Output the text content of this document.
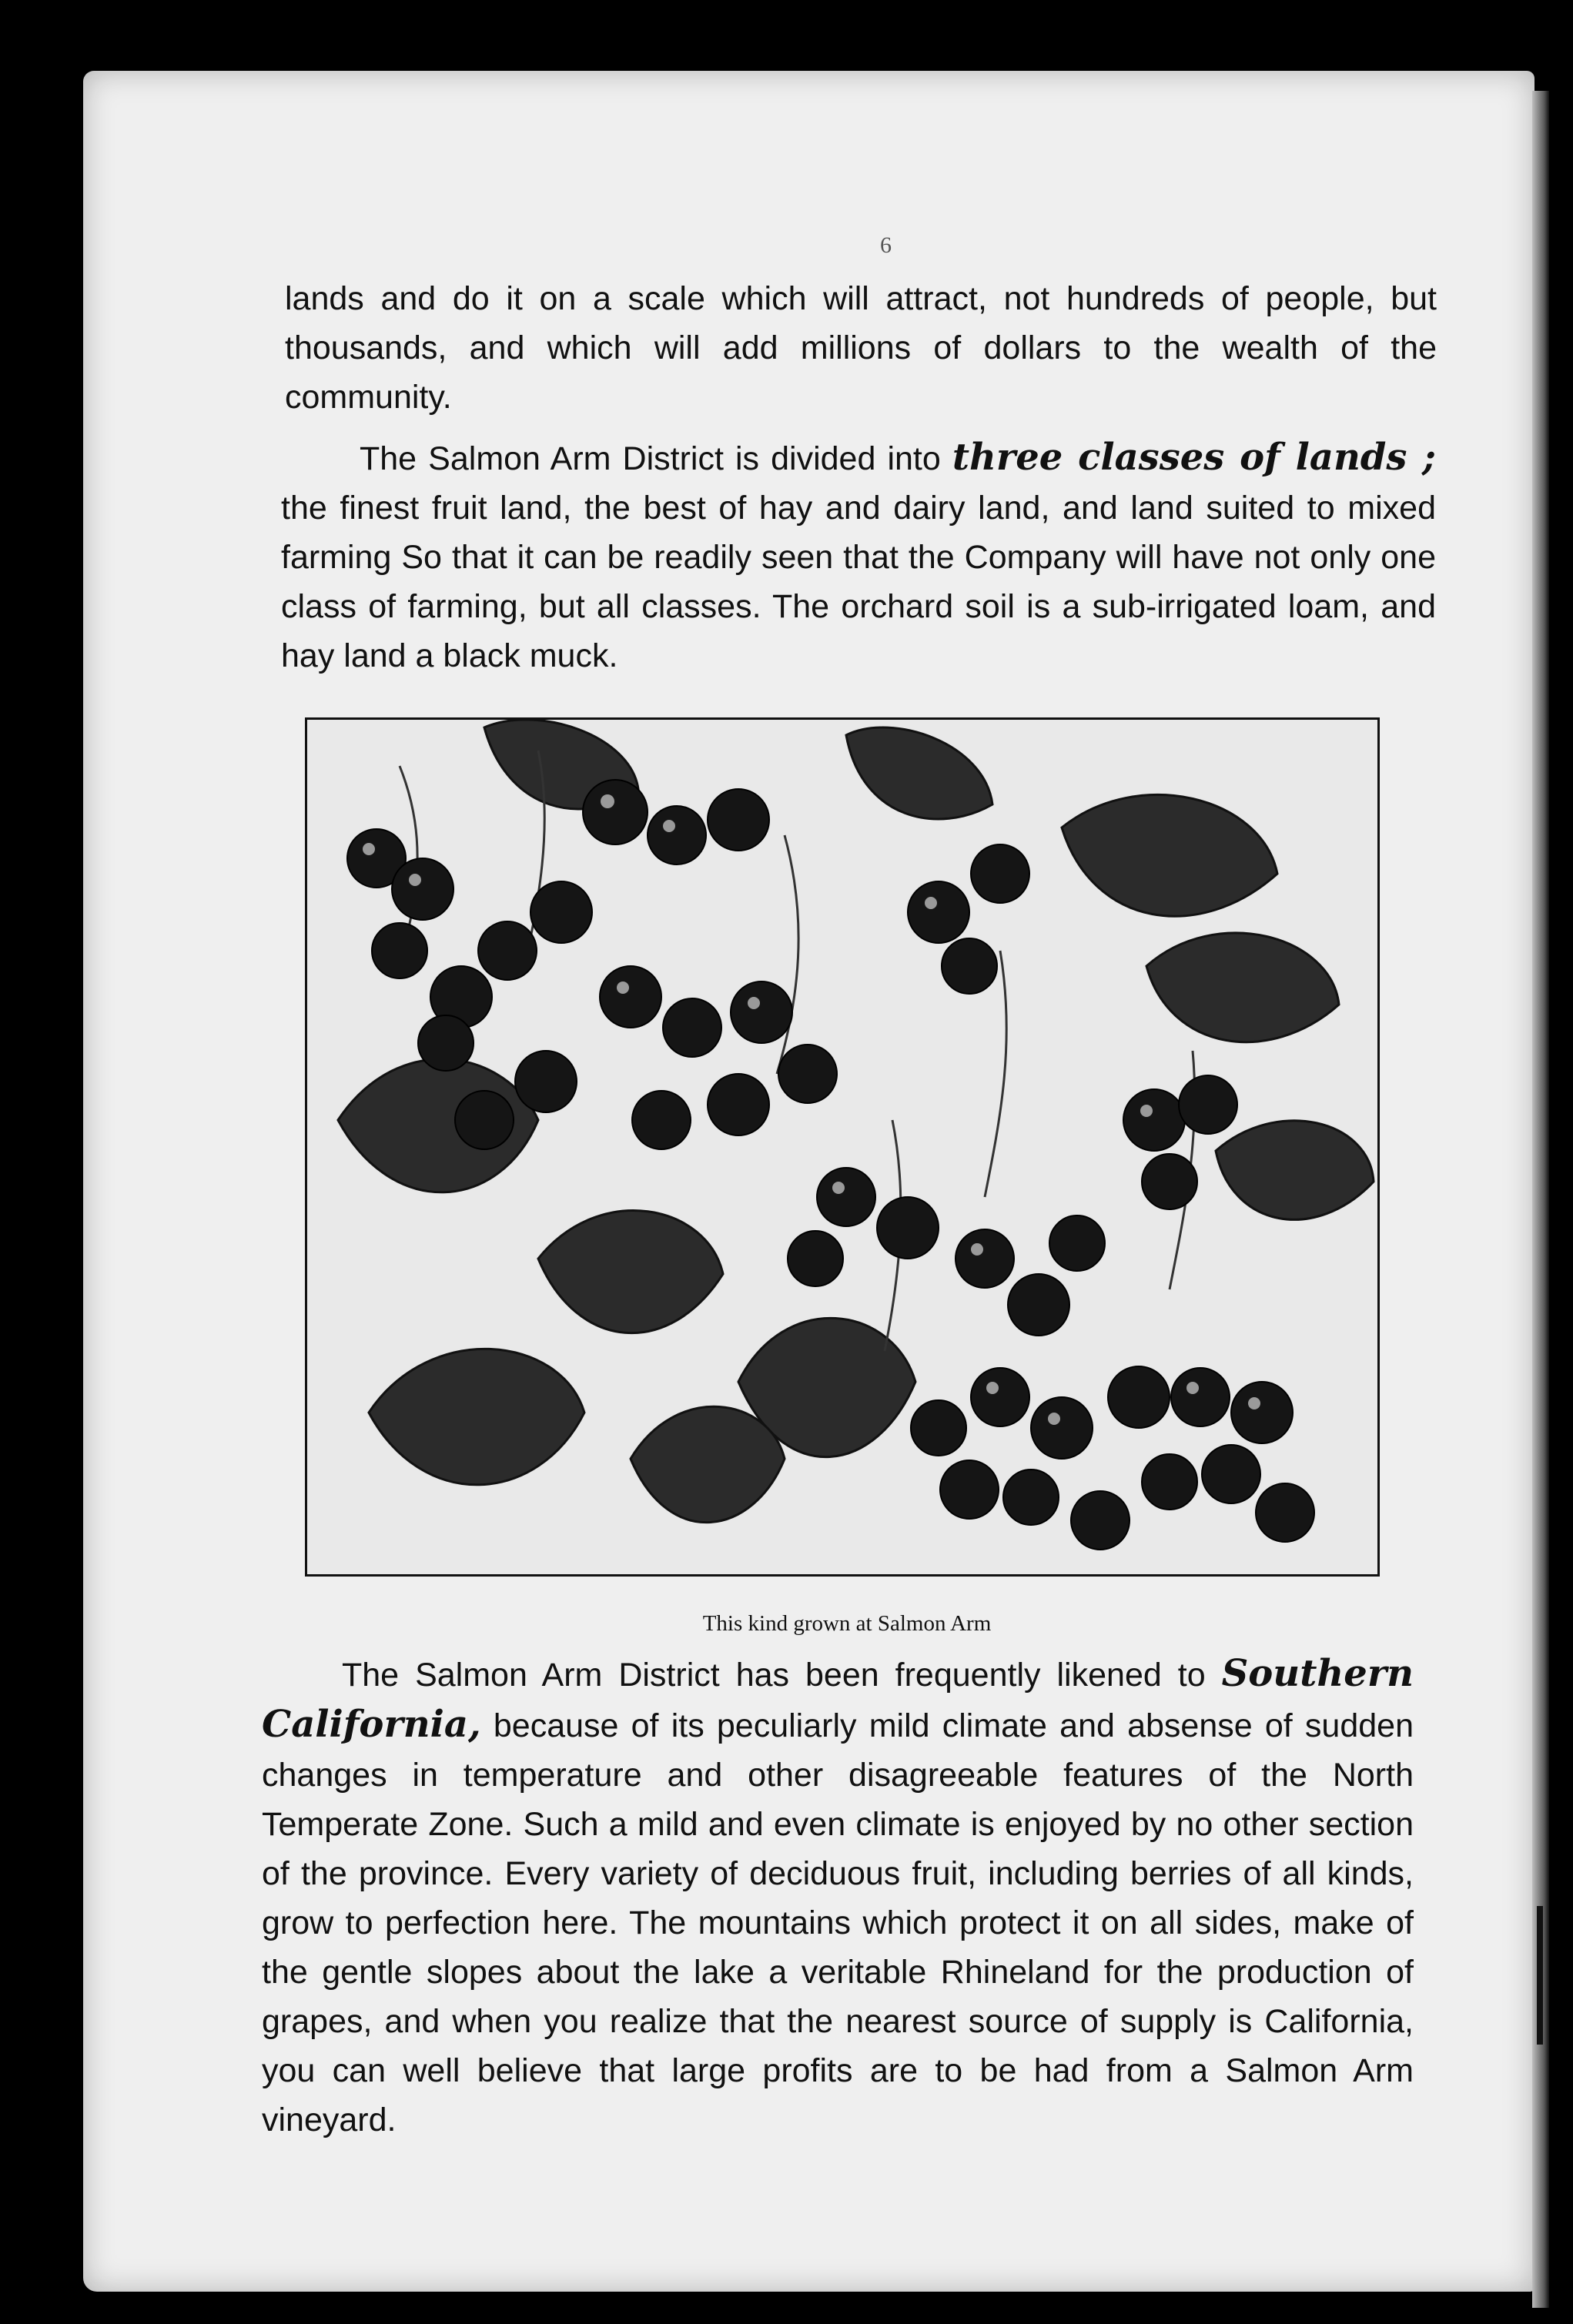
6

lands and do it on a scale which will attract, not hundreds of people, but thousands, and which will add millions of dollars to the wealth of the community.

The Salmon Arm District is divided into three classes of lands ; the finest fruit land, the best of hay and dairy land, and land suited to mixed farming So that it can be readily seen that the Company will have not only one class of farming, but all classes. The orchard soil is a sub-irrigated loam, and hay land a black muck.

This kind grown at Salmon Arm

The Salmon Arm District has been frequently likened to Southern California, because of its peculiarly mild climate and absense of sudden changes in temperature and other disagreeable features of the North Temperate Zone. Such a mild and even climate is enjoyed by no other section of the province. Every variety of deciduous fruit, including berries of all kinds, grow to perfection here. The mountains which protect it on all sides, make of the gentle slopes about the lake a veritable Rhineland for the production of grapes, and when you realize that the nearest source of supply is California, you can well believe that large profits are to be had from a Salmon Arm vineyard.
